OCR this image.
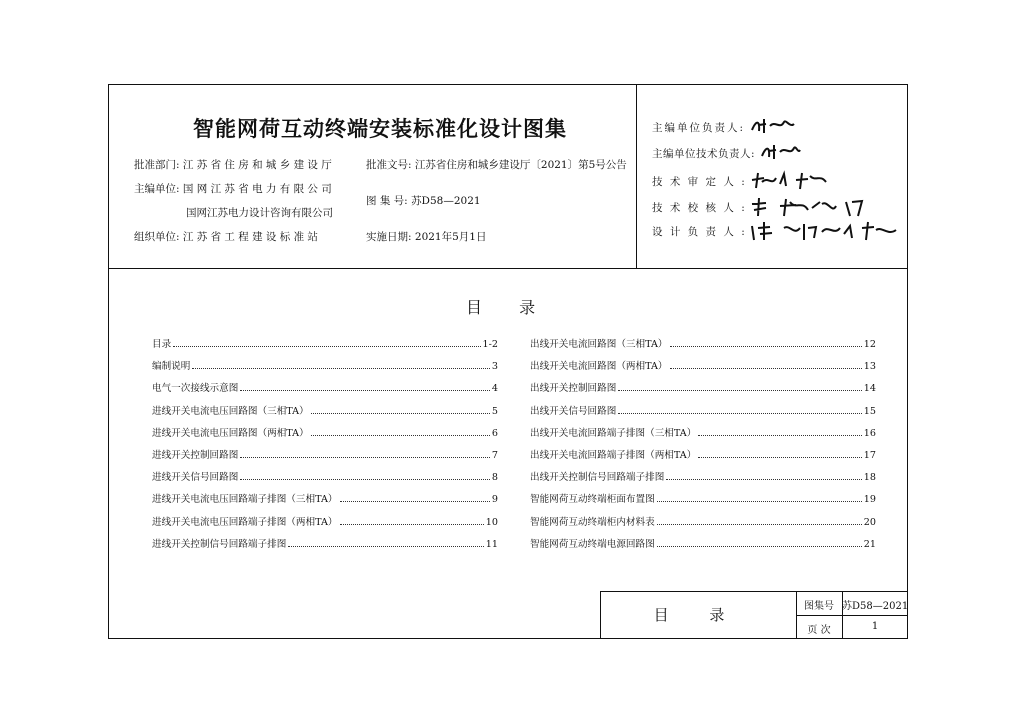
智能网荷互动终端安装标准化设计图集
批准部门: 江 苏 省 住 房 和 城 乡 建 设 厅	批准文号: 江苏省住房和城乡建设厅〔2021〕第5号公告
主编单位: 国 网 江 苏 省 电 力 有 限 公 司
国网江苏电力设计咨询有限公司
图 集 号: 苏D58—2021
组织单位: 江 苏 省 工 程 建 设 标 准 站	实施日期: 2021年5月1日
主编单位负责人:
主编单位技术负责人:
技 术 审 定 人 :
技 术 校 核 人 :
设 计 负 责 人 :
目 录
目录	1-2
编制说明	3
电气一次接线示意图	4
进线开关电流电压回路图（三相TA）	5
进线开关电流电压回路图（两相TA）	6
进线开关控制回路图	7
进线开关信号回路图	8
进线开关电流电压回路端子排图（三相TA）	9
进线开关电流电压回路端子排图（两相TA）	10
进线开关控制信号回路端子排图	11
出线开关电流回路图（三相TA）	12
出线开关电流回路图（两相TA）	13
出线开关控制回路图	14
出线开关信号回路图	15
出线开关电流回路端子排图（三相TA）	16
出线开关电流回路端子排图（两相TA）	17
出线开关控制信号回路端子排图	18
智能网荷互动终端柜面布置图	19
智能网荷互动终端柜内材料表	20
智能网荷互动终端电源回路图	21
目 录	图集号 苏D58—2021
页 次	1
